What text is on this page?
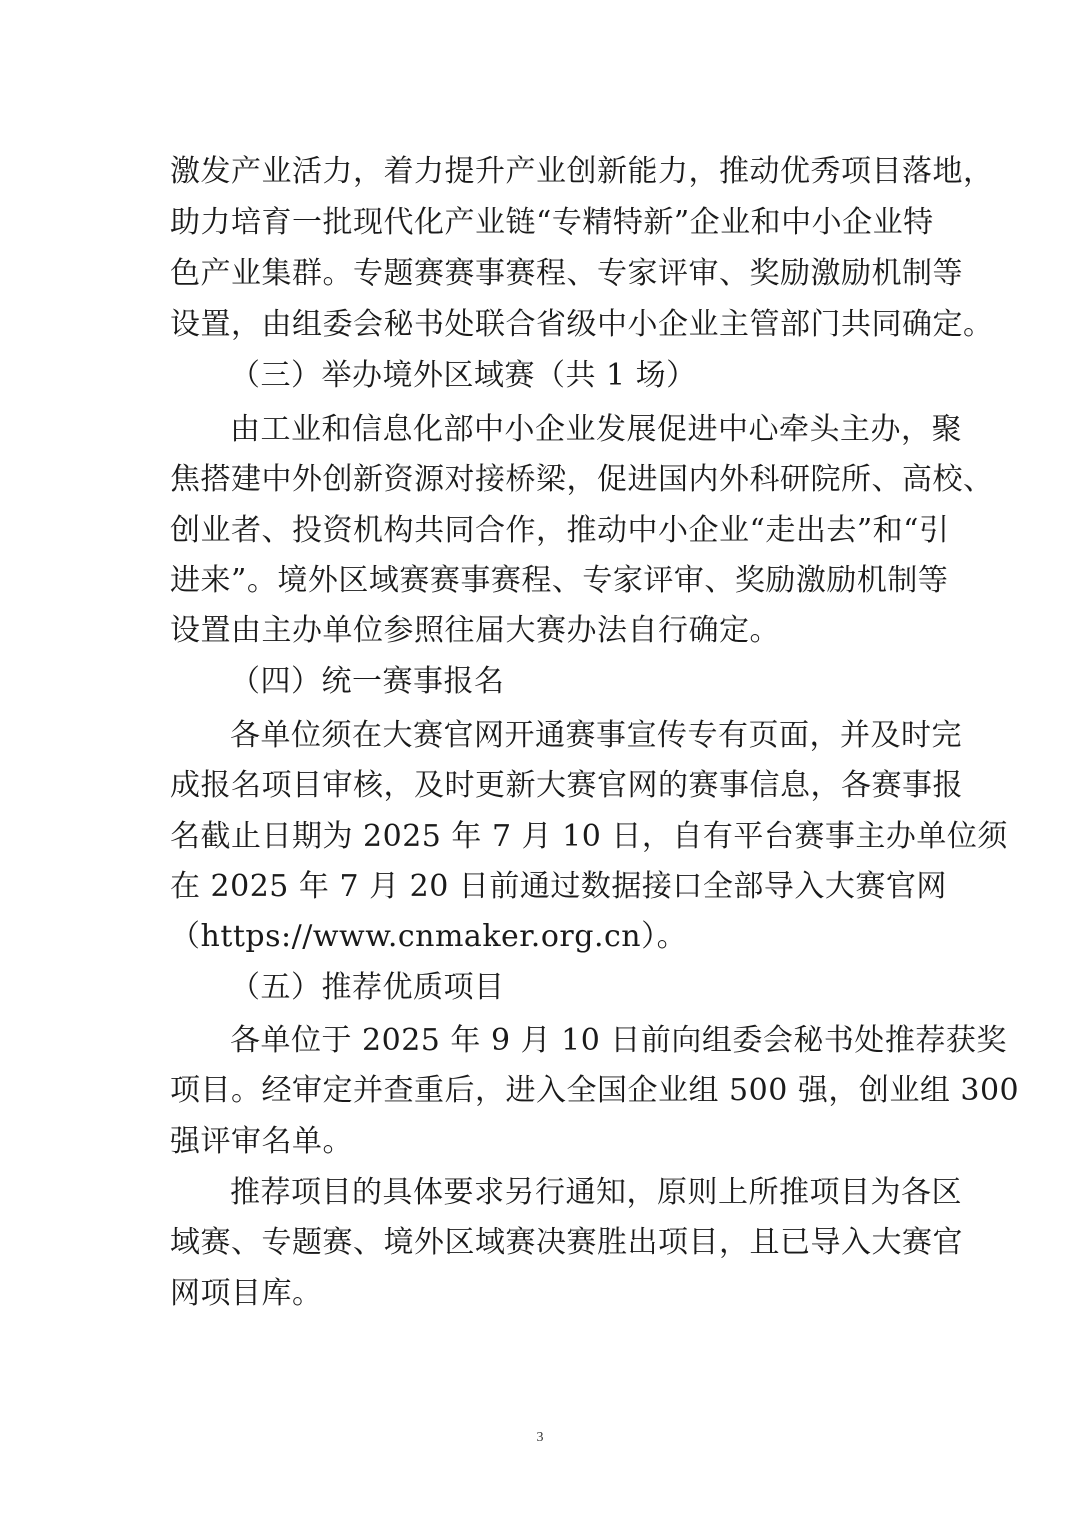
激发产业活力，着力提升产业创新能力，推动优秀项目落地，
助力培育一批现代化产业链“专精特新”企业和中小企业特
色产业集群。专题赛赛事赛程、专家评审、奖励激励机制等
设置，由组委会秘书处联合省级中小企业主管部门共同确定。
（三）举办境外区域赛（共 1 场）
由工业和信息化部中小企业发展促进中心牵头主办，聚
焦搭建中外创新资源对接桥梁，促进国内外科研院所、高校、
创业者、投资机构共同合作，推动中小企业“走出去”和“引
进来”。境外区域赛赛事赛程、专家评审、奖励激励机制等
设置由主办单位参照往届大赛办法自行确定。
（四）统一赛事报名
各单位须在大赛官网开通赛事宣传专有页面，并及时完
成报名项目审核，及时更新大赛官网的赛事信息，各赛事报
名截止日期为 2025 年 7 月 10 日，自有平台赛事主办单位须
在 2025 年 7 月 20 日前通过数据接口全部导入大赛官网
（https://www.cnmaker.org.cn）。
（五）推荐优质项目
各单位于 2025 年 9 月 10 日前向组委会秘书处推荐获奖
项目。经审定并查重后，进入全国企业组 500 强，创业组 300
强评审名单。
推荐项目的具体要求另行通知，原则上所推项目为各区
域赛、专题赛、境外区域赛决赛胜出项目，且已导入大赛官
网项目库。
3
